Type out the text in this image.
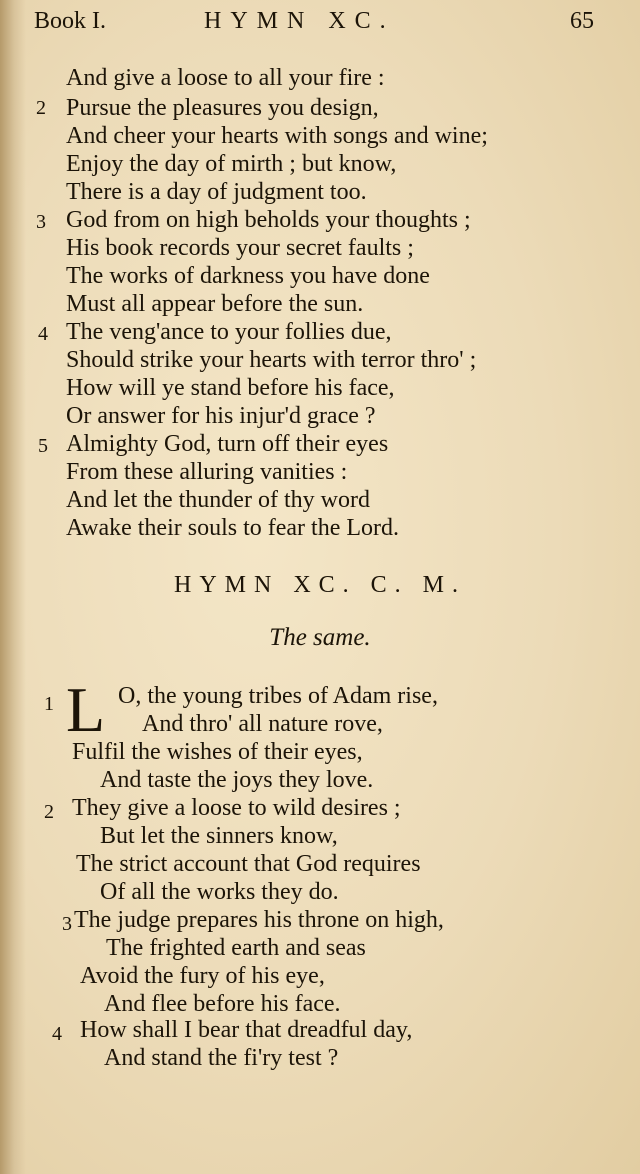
Book I.	HYMN XC.	65
And give a loose to all your fire :
2 Pursue the pleasures you design,
And cheer your hearts with songs and wine;
Enjoy the day of mirth ; but know,
There is a day of judgment too.
3 God from on high beholds your thoughts ;
His book records your secret faults ;
The works of darkness you have done
Must all appear before the sun.
4 The veng'ance to your follies due,
Should strike your hearts with terror thro' ;
How will ye stand before his face,
Or answer for his injur'd grace ?
5 Almighty God, turn off their eyes
From these alluring vanities :
And let the thunder of thy word
Awake their souls to fear the Lord.
HYMN XC. C. M.
The same.
1 L O, the young tribes of Adam rise,
And thro' all nature rove,
Fulfil the wishes of their eyes,
And taste the joys they love.
2 They give a loose to wild desires ;
But let the sinners know,
The strict account that God requires
Of all the works they do.
3 The judge prepares his throne on high,
The frighted earth and seas
Avoid the fury of his eye,
And flee before his face.
4 How shall I bear that dreadful day,
And stand the fi'ry test ?
